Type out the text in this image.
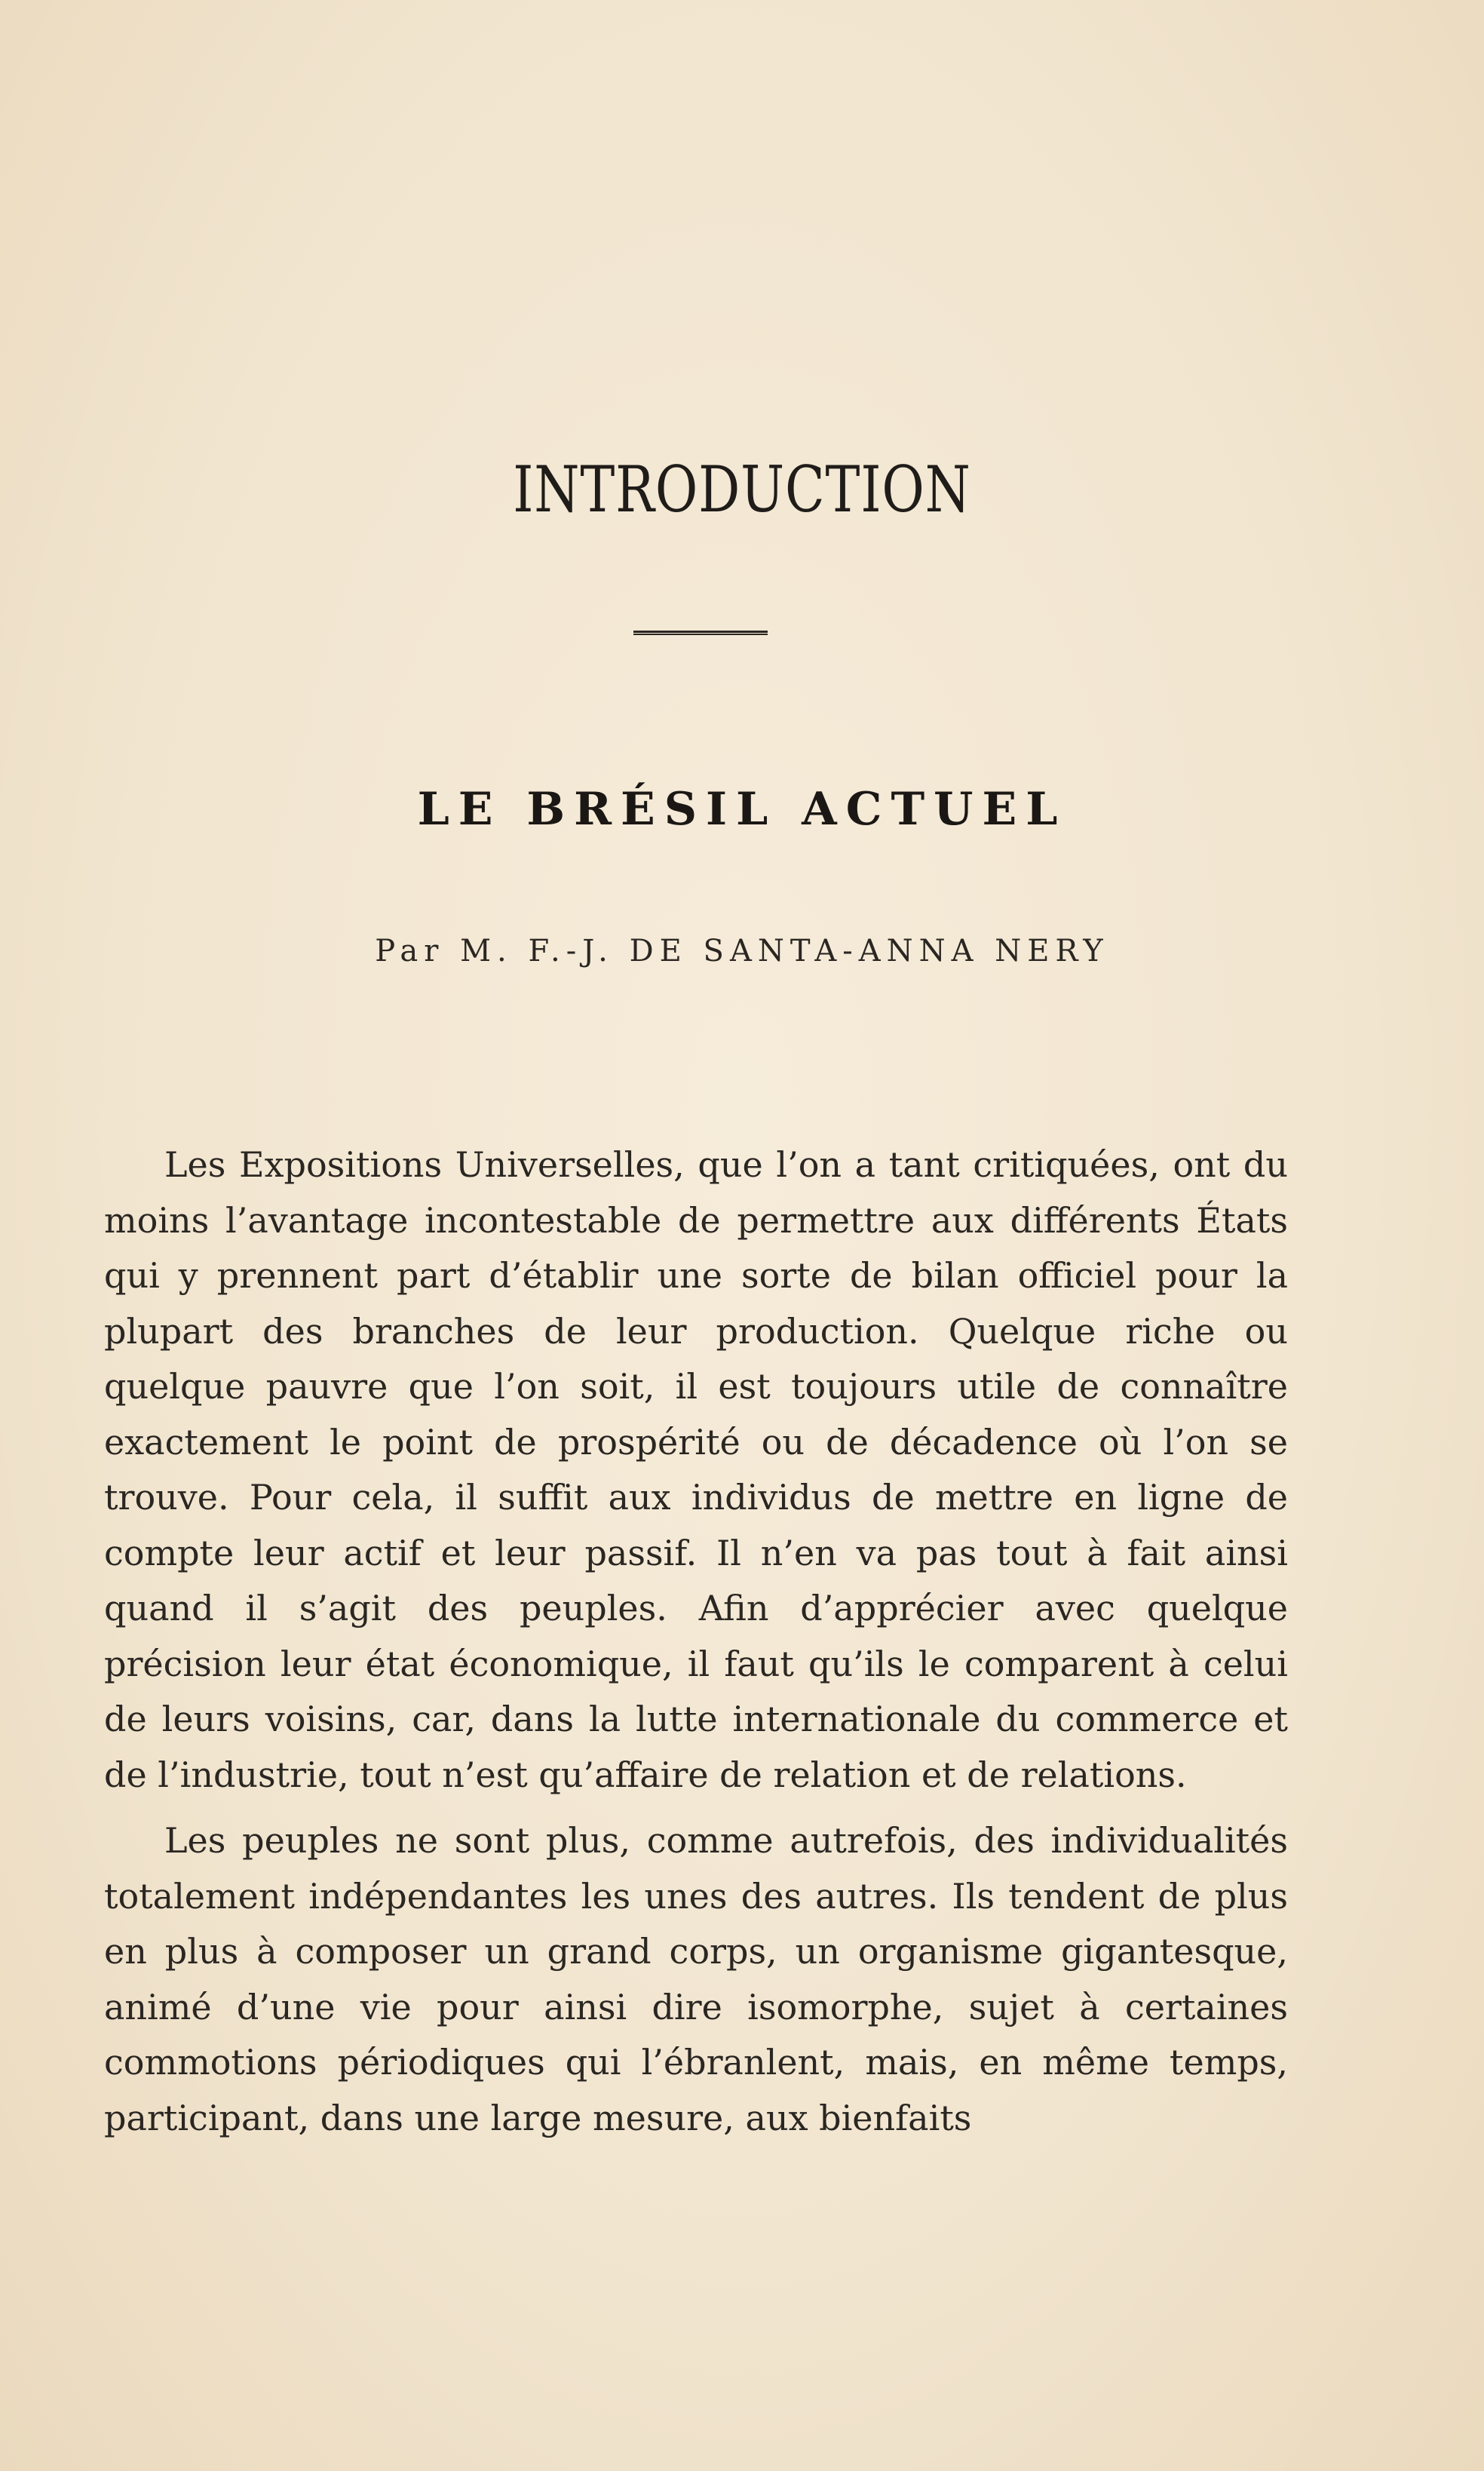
INTRODUCTION
LE BRÉSIL ACTUEL
Par M. F.-J. DE SANTA-ANNA NERY

Les Expositions Universelles, que l’on a tant critiquées, ont du moins l’avantage incontestable de permettre aux différents États qui y prennent part d’établir une sorte de bilan officiel pour la plupart des branches de leur production. Quelque riche ou quelque pauvre que l’on soit, il est toujours utile de connaître exactement le point de prospérité ou de décadence où l’on se trouve. Pour cela, il suffit aux individus de mettre en ligne de compte leur actif et leur passif. Il n’en va pas tout à fait ainsi quand il s’agit des peuples. Afin d’apprécier avec quelque précision leur état économique, il faut qu’ils le comparent à celui de leurs voisins, car, dans la lutte internationale du commerce et de l’industrie, tout n’est qu’affaire de relation et de relations.

Les peuples ne sont plus, comme autrefois, des individualités totalement indépendantes les unes des autres. Ils tendent de plus en plus à composer un grand corps, un organisme gigantesque, animé d’une vie pour ainsi dire isomorphe, sujet à certaines commotions périodiques qui l’ébranlent, mais, en même temps, participant, dans une large mesure, aux bienfaits
